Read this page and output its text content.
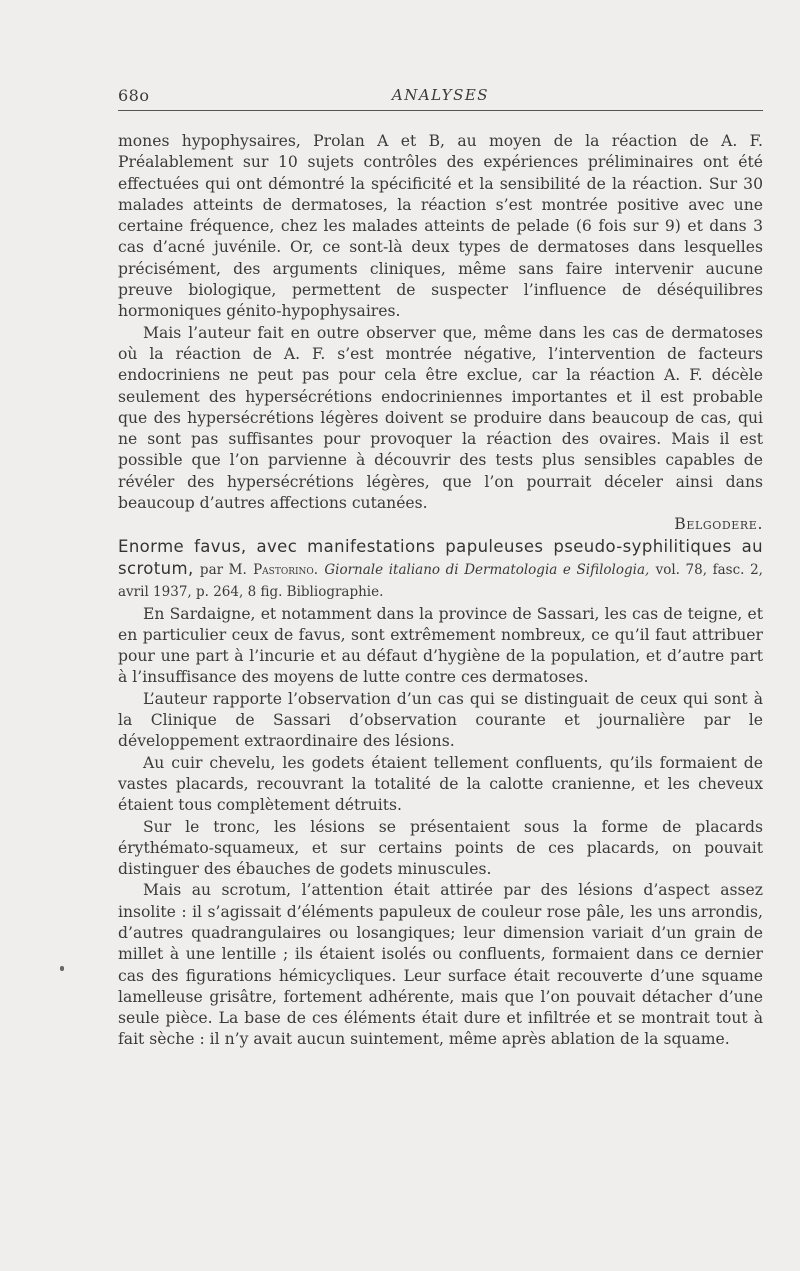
68o	ANALYSES

mones hypophysaires, Prolan A et B, au moyen de la réaction de A. F. Préalablement sur 10 sujets contrôles des expériences préliminaires ont été effectuées qui ont démontré la spécificité et la sensibilité de la réaction. Sur 30 malades atteints de dermatoses, la réaction s’est montrée positive avec une certaine fréquence, chez les malades atteints de pelade (6 fois sur 9) et dans 3 cas d’acné juvénile. Or, ce sont-là deux types de dermatoses dans lesquelles précisément, des arguments cliniques, même sans faire intervenir aucune preuve biologique, permettent de suspecter l’influence de déséquilibres hormoniques génito-hypophysaires.

Mais l’auteur fait en outre observer que, même dans les cas de dermatoses où la réaction de A. F. s’est montrée négative, l’intervention de facteurs endocriniens ne peut pas pour cela être exclue, car la réaction A. F. décèle seulement des hypersécrétions endocriniennes importantes et il est probable que des hypersécrétions légères doivent se produire dans beaucoup de cas, qui ne sont pas suffisantes pour provoquer la réaction des ovaires. Mais il est possible que l’on parvienne à découvrir des tests plus sensibles capables de révéler des hypersécrétions légères, que l’on pourrait déceler ainsi dans beaucoup d’autres affections cutanées.

Belgodere.

Enorme favus, avec manifestations papuleuses pseudo-syphilitiques au scrotum, par M. Pastorino. Giornale italiano di Dermatologia e Sifilologia, vol. 78, fasc. 2, avril 1937, p. 264, 8 fig. Bibliographie.

En Sardaigne, et notamment dans la province de Sassari, les cas de teigne, et en particulier ceux de favus, sont extrêmement nombreux, ce qu’il faut attribuer pour une part à l’incurie et au défaut d’hygiène de la population, et d’autre part à l’insuffisance des moyens de lutte contre ces dermatoses.

L’auteur rapporte l’observation d’un cas qui se distinguait de ceux qui sont à la Clinique de Sassari d’observation courante et journalière par le développement extraordinaire des lésions.

Au cuir chevelu, les godets étaient tellement confluents, qu’ils formaient de vastes placards, recouvrant la totalité de la calotte cranienne, et les cheveux étaient tous complètement détruits.

Sur le tronc, les lésions se présentaient sous la forme de placards érythémato-squameux, et sur certains points de ces placards, on pouvait distinguer des ébauches de godets minuscules.

Mais au scrotum, l’attention était attirée par des lésions d’aspect assez insolite : il s’agissait d’éléments papuleux de couleur rose pâle, les uns arrondis, d’autres quadrangulaires ou losangiques; leur dimension variait d’un grain de millet à une lentille ; ils étaient isolés ou confluents, formaient dans ce dernier cas des figurations hémicycliques. Leur surface était recouverte d’une squame lamelleuse grisâtre, fortement adhérente, mais que l’on pouvait détacher d’une seule pièce. La base de ces éléments était dure et infiltrée et se montrait tout à fait sèche : il n’y avait aucun suintement, même après ablation de la squame.
